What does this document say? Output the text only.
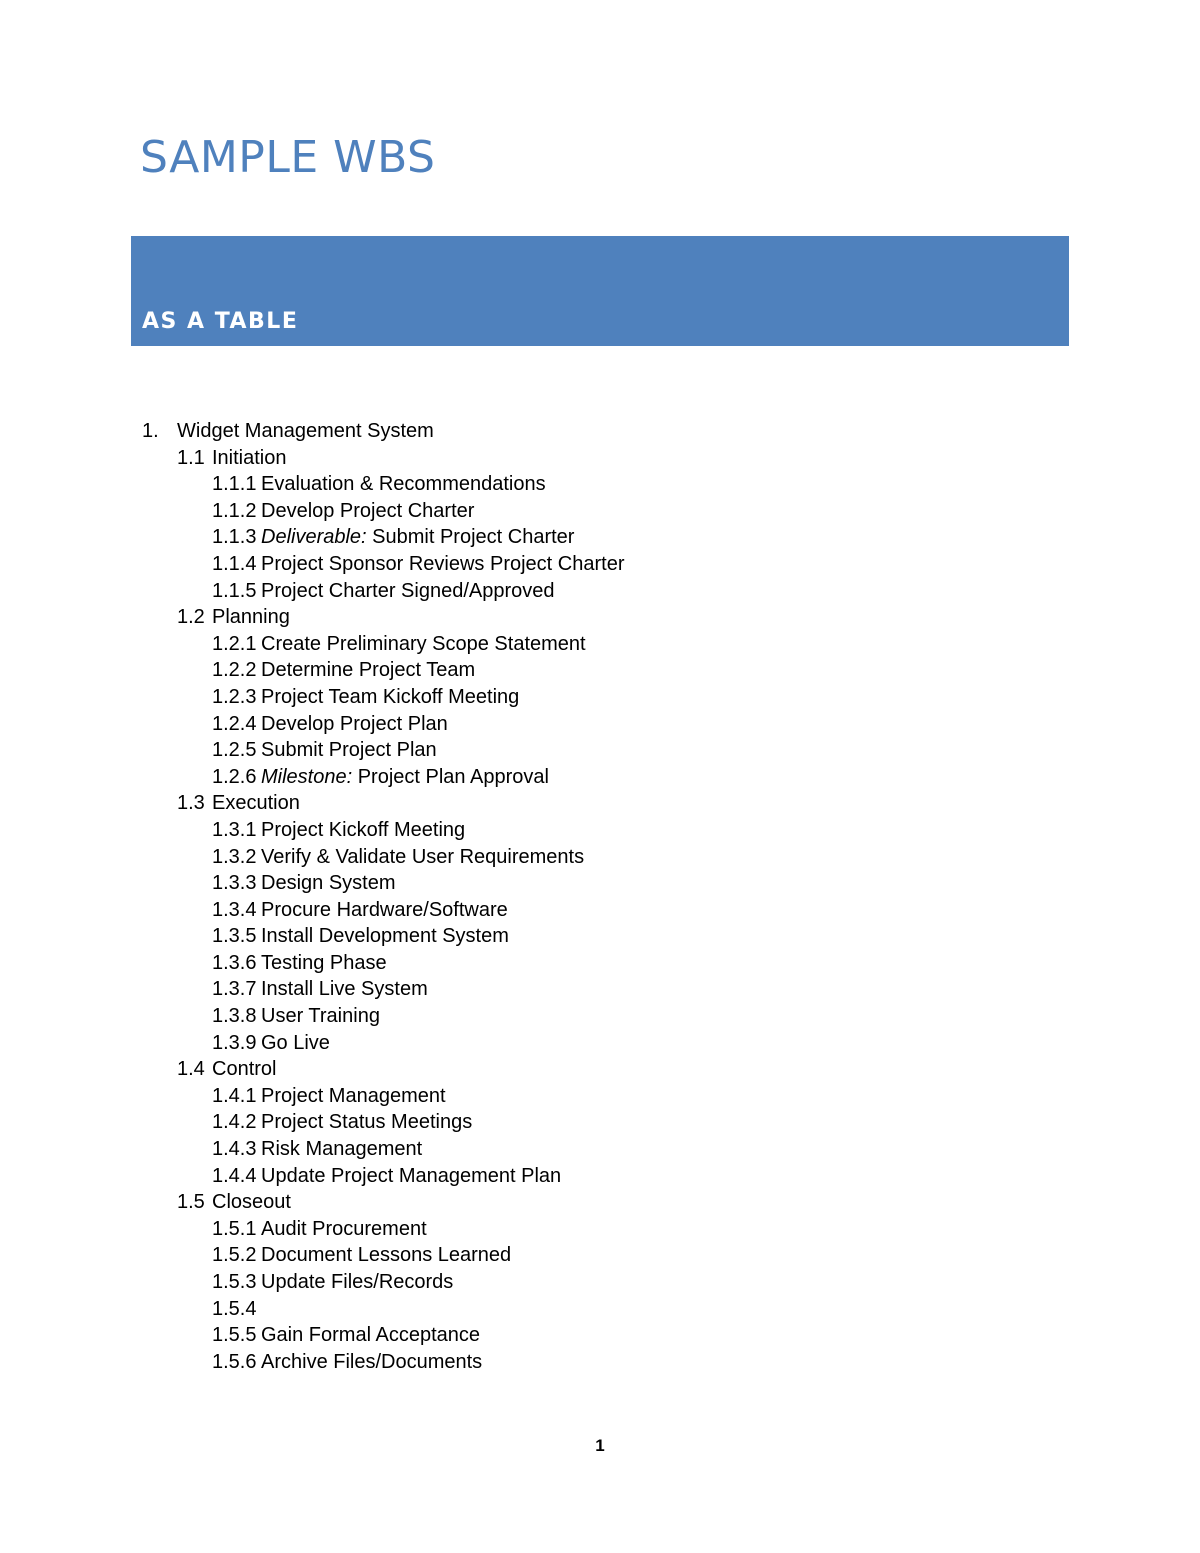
SAMPLE WBS
AS A TABLE
1. Widget Management System
1.1 Initiation
1.1.1 Evaluation & Recommendations
1.1.2 Develop Project Charter
1.1.3 Deliverable: Submit Project Charter
1.1.4 Project Sponsor Reviews Project Charter
1.1.5 Project Charter Signed/Approved
1.2 Planning
1.2.1 Create Preliminary Scope Statement
1.2.2 Determine Project Team
1.2.3 Project Team Kickoff Meeting
1.2.4 Develop Project Plan
1.2.5 Submit Project Plan
1.2.6 Milestone: Project Plan Approval
1.3 Execution
1.3.1 Project Kickoff Meeting
1.3.2 Verify & Validate User Requirements
1.3.3 Design System
1.3.4 Procure Hardware/Software
1.3.5 Install Development System
1.3.6 Testing Phase
1.3.7 Install Live System
1.3.8 User Training
1.3.9 Go Live
1.4 Control
1.4.1 Project Management
1.4.2 Project Status Meetings
1.4.3 Risk Management
1.4.4 Update Project Management Plan
1.5 Closeout
1.5.1 Audit Procurement
1.5.2 Document Lessons Learned
1.5.3 Update Files/Records
1.5.4
1.5.5 Gain Formal Acceptance
1.5.6 Archive Files/Documents
1
